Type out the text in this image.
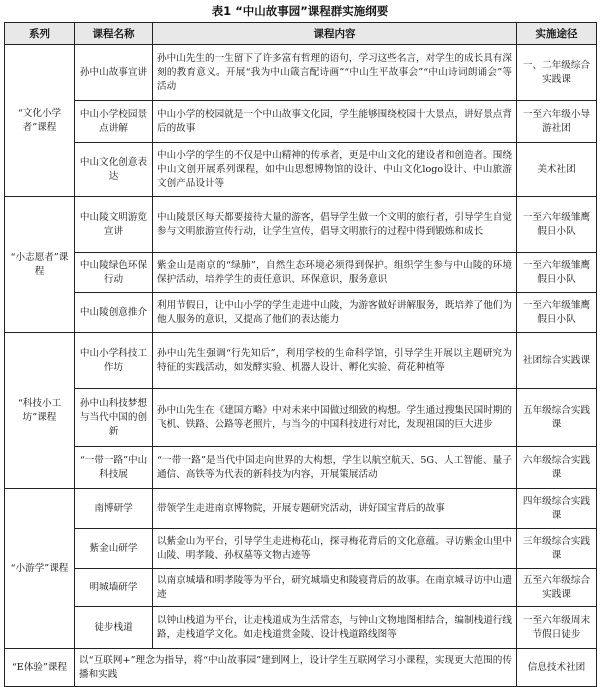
表1 “中山故事园”课程群实施纲要
系列	课程名称	课程内容	实施途径
“文化小学者”课程	孙中山故事宣讲	孙中山先生的一生留下了许多富有哲理的语句，学习这些名言，对学生的成长具有深刻的教育意义。开展“我为中山箴言配诗画”“中山生平故事会”“中山诗词朗诵会”等活动	一、二年级综合实践课
	中山小学校园景点讲解	中山小学的校园就是一个中山故事文化园，学生能够围绕校园十大景点，讲好景点背后的故事	一至六年级小导游社团
	中山文化创意表达	中山小学的学生的不仅是中山精神的传承者，更是中山文化的建设者和创造者。围绕中山文创开展系列课程，如中山思想博物馆的设计、中山文化logo设计、中山旅游文创产品设计等	美术社团
“小志愿者”课程	中山陵文明游览宣讲	中山陵景区每天都要接待大量的游客，倡导学生做一个文明的旅行者，引导学生自觉参与文明旅游宣传行动，让学生宣传，倡导文明旅行的过程中得到锻炼和成长	一至六年级雏鹰假日小队
	中山陵绿色环保行动	紫金山是南京的“绿肺”，自然生态环境必须得到保护。组织学生参与中山陵的环境保护活动，培养学生的责任意识、环保意识，服务意识	一至六年级雏鹰假日小队
	中山陵创意推介	利用节假日，让中山小学的学生走进中山陵，为游客做好讲解服务，既培养了他们为他人服务的意识，又提高了他们的表达能力	一至六年级雏鹰假日小队
“科技小工坊”课程	中山小学科技工作坊	孙中山先生强调“行先知后”，利用学校的生命科学馆，引导学生开展以主题研究为特征的实践活动，如发酵实验、机器人设计、孵化实验、荷花种植等	社团综合实践课
	孙中山科技梦想与当代中国的创新	孙中山先生在《建国方略》中对未来中国做过细致的构想。学生通过搜集民国时期的飞机、铁路、公路等老照片，与当今的中国科技进行对比，发现祖国的巨大进步	五年级综合实践课
	“一带一路”中山科技展	“一带一路”是当代中国走向世界的大构想，学生以航空航天、5G、人工智能、量子通信、高铁等为代表的新科技为内容，开展策展活动	六年级综合实践课
“小游学”课程	南博研学	带领学生走进南京博物院，开展专题研究活动，讲好国宝背后的故事	四年级综合实践课
	紫金山研学	以紫金山为平台，引导学生走进梅花山，探寻梅花背后的文化意蕴。寻访紫金山里中山陵、明孝陵、孙权墓等文物古迹等	三年级综合实践课
	明城墙研学	以南京城墙和明孝陵等为平台，研究城墙史和陵寝背后的故事。在南京城寻访中山遗迹	五至六年级综合实践课
	徒步栈道	以钟山栈道为平台，让走栈道成为生活常态，与钟山文物地图相结合，编制栈道行线路，走栈道学文化。如走栈道赏金陵、设计栈道路线图等	一至六年级周末节假日徒步
“E体验”课程	以“互联网+”理念为指导，将“中山故事园”建到网上，设计学生互联网学习小课程，实现更大范围的传播和实践		信息技术社团
